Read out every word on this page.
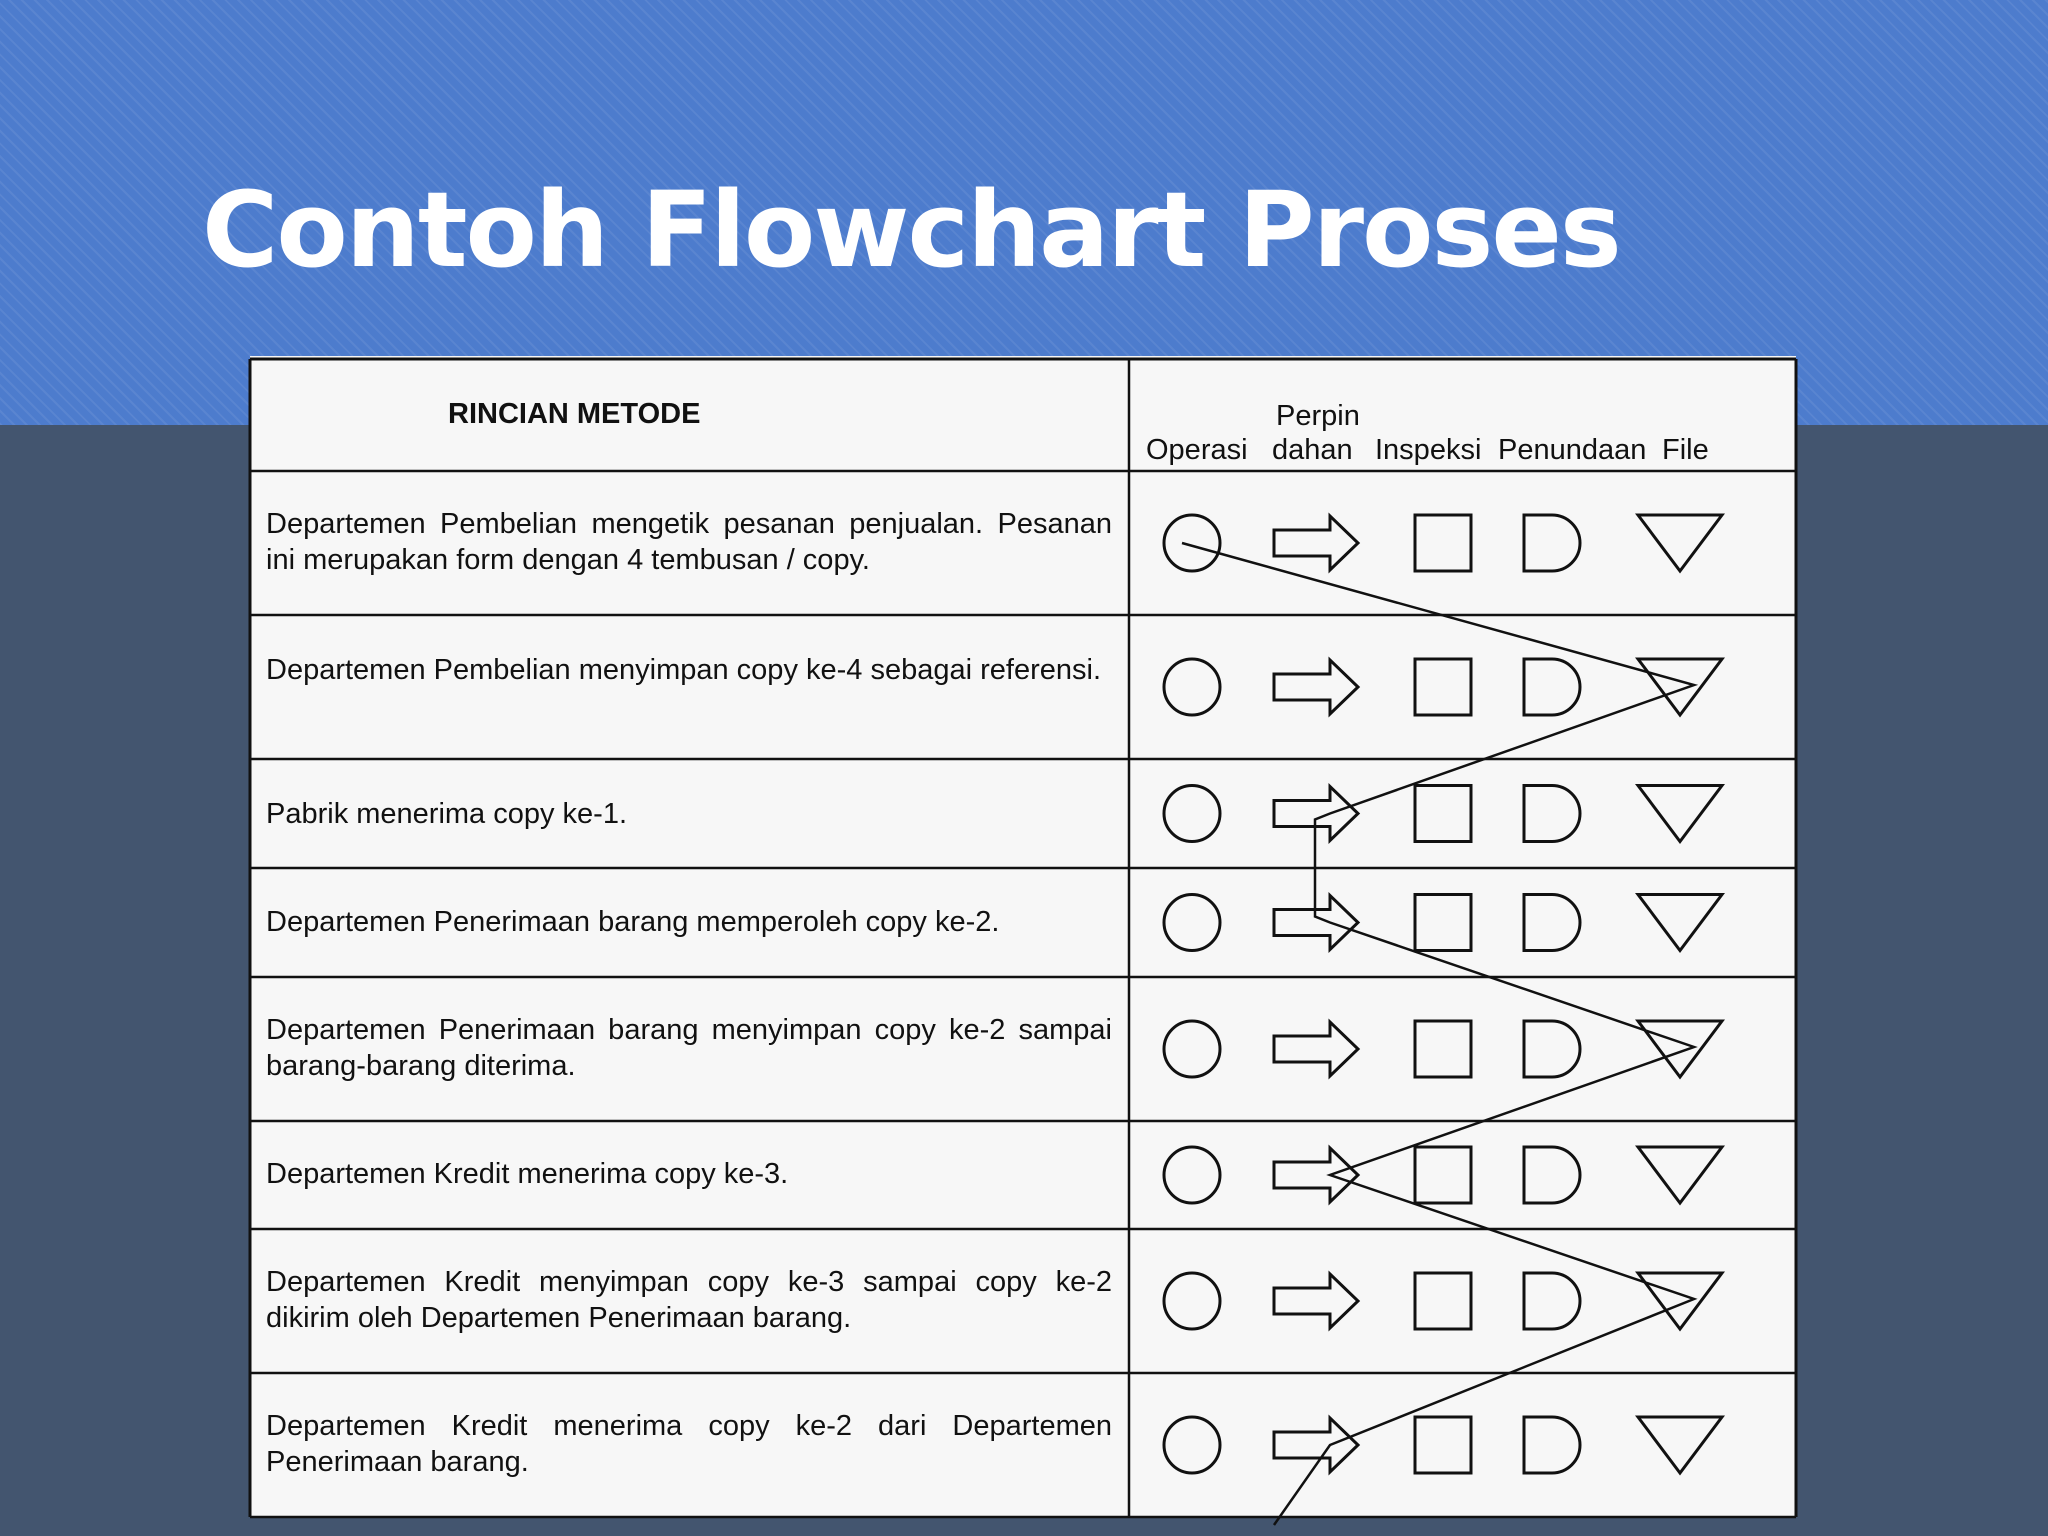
Contoh Flowchart Proses
RINCIAN METODE
Operasi
Perpin
dahan Inspeksi Penundaan File
Departemen Pembelian mengetik pesanan penjualan. Pesanan ini merupakan form dengan 4 tembusan / copy.
Departemen Pembelian menyimpan copy ke-4 sebagai referensi.
Pabrik menerima copy ke-1.
Departemen Penerimaan barang memperoleh copy ke-2.
Departemen Penerimaan barang menyimpan copy ke-2 sampai barang-barang diterima.
Departemen Kredit menerima copy ke-3.
Departemen Kredit menyimpan copy ke-3 sampai copy ke-2 dikirim oleh Departemen Penerimaan barang.
Departemen Kredit menerima copy ke-2 dari Departemen Penerimaan barang.
